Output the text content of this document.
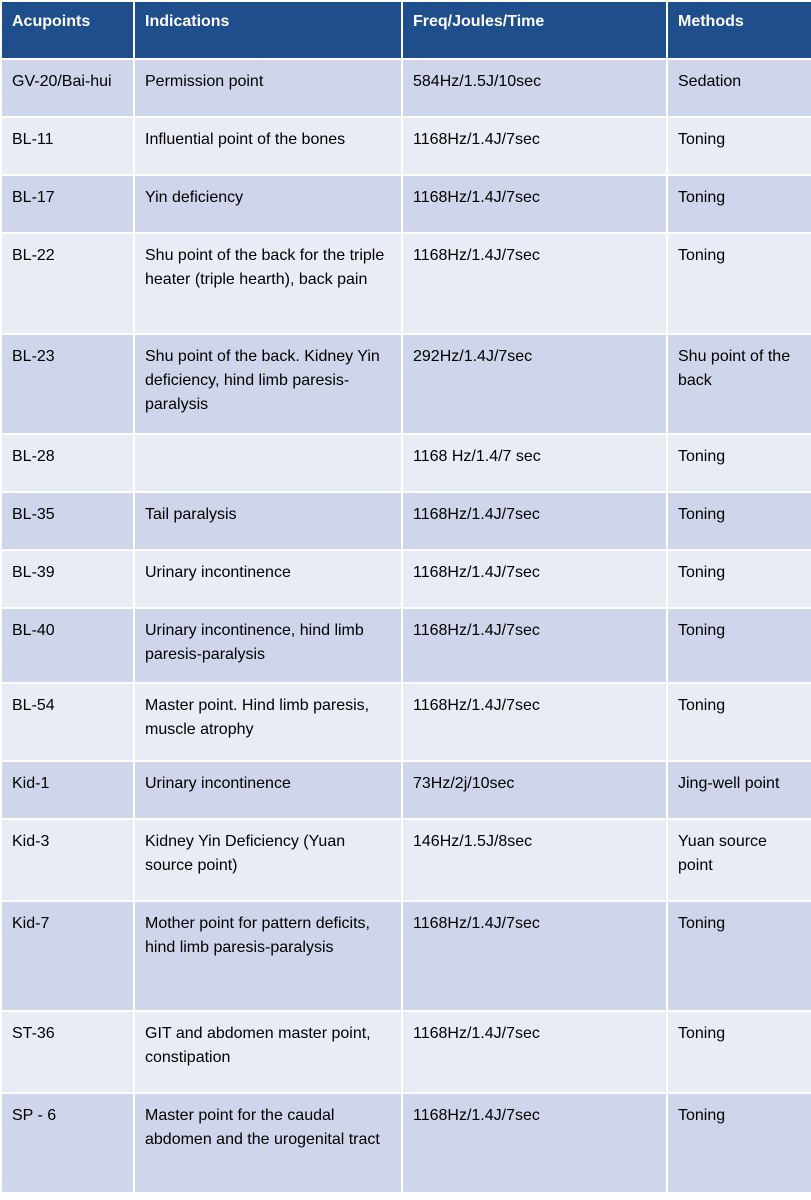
Acupoints	Indications	Freq/Joules/Time	Methods
GV-20/Bai-hui	Permission point	584Hz/1.5J/10sec	Sedation
BL-11	Influential point of the bones	1168Hz/1.4J/7sec	Toning
BL-17	Yin deficiency	1168Hz/1.4J/7sec	Toning
BL-22	Shu point of the back for the triple heater (triple hearth), back pain	1168Hz/1.4J/7sec	Toning
BL-23	Shu point of the back. Kidney Yin deficiency, hind limb paresis-paralysis	292Hz/1.4J/7sec	Shu point of the back
BL-28		1168 Hz/1.4/7 sec	Toning
BL-35	Tail paralysis	1168Hz/1.4J/7sec	Toning
BL-39	Urinary incontinence	1168Hz/1.4J/7sec	Toning
BL-40	Urinary incontinence, hind limb paresis-paralysis	1168Hz/1.4J/7sec	Toning
BL-54	Master point. Hind limb paresis, muscle atrophy	1168Hz/1.4J/7sec	Toning
Kid-1	Urinary incontinence	73Hz/2j/10sec	Jing-well point
Kid-3	Kidney Yin Deficiency (Yuan source point)	146Hz/1.5J/8sec	Yuan source point
Kid-7	Mother point for pattern deficits, hind limb paresis-paralysis	1168Hz/1.4J/7sec	Toning
ST-36	GIT and abdomen master point, constipation	1168Hz/1.4J/7sec	Toning
SP - 6	Master point for the caudal abdomen and the urogenital tract	1168Hz/1.4J/7sec	Toning
